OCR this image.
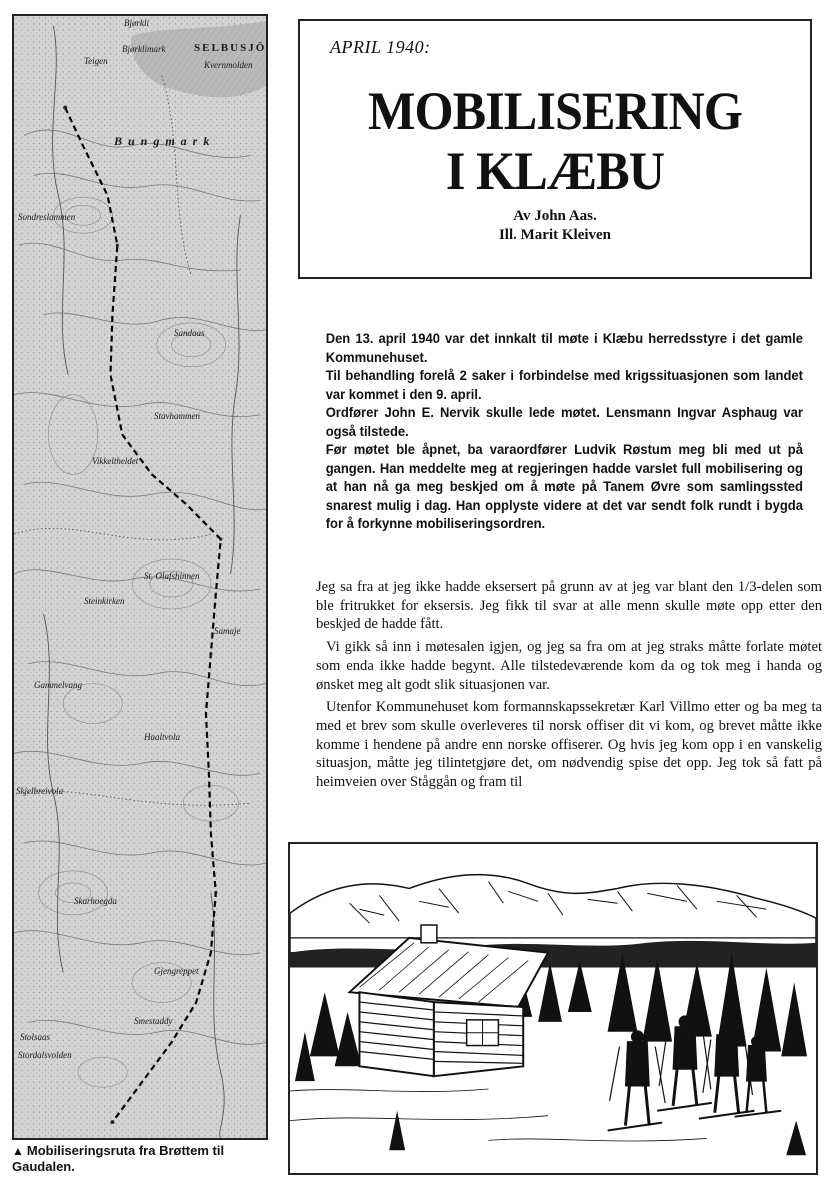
SELBUSJÖ
Bjørkli
Bjørklimark
Teigen	Kvernmolden
Bungmark
Sondreslammen
Sandaas
Stavhammen
Vikkeltheldet
St. Olafshinnen
Steinkirken
Samaje
Gammelvang
Haaltvola
Skjelbreivola
Skarhoegda
Gjengreppet
Smestaddy
Stolsaas
Stordalsvolden
▲ Mobiliseringsruta fra Brøttem til Gaudalen.
APRIL 1940:
MOBILISERING
I KLÆBU
Av John Aas.
Ill. Marit Kleiven

Den 13. april 1940 var det innkalt til møte i Klæbu herredsstyre i det gamle Kommunehuset.

Til behandling forelå 2 saker i forbindelse med krigssituasjonen som landet var kommet i den 9. april.

Ordfører John E. Nervik skulle lede møtet. Lensmann Ingvar Asphaug var også tilstede.

Før møtet ble åpnet, ba varaordfører Ludvik Røstum meg bli med ut på gangen. Han meddelte meg at regjeringen hadde varslet full mobilisering og at han nå ga meg beskjed om å møte på Tanem Øvre som samlingssted snarest mulig i dag. Han opplyste videre at det var sendt folk rundt i bygda for å forkynne mobiliseringsordren.

Jeg sa fra at jeg ikke hadde eksersert på grunn av at jeg var blant den 1/3-delen som ble fritrukket for eksersis. Jeg fikk til svar at alle menn skulle møte opp etter den beskjed de hadde fått.

Vi gikk så inn i møtesalen igjen, og jeg sa fra om at jeg straks måtte forlate møtet som enda ikke hadde begynt. Alle tilstedeværende kom da og tok meg i handa og ønsket meg alt godt slik situasjonen var.

Utenfor Kommunehuset kom formannskapssekretær Karl Villmo etter og ba meg ta med et brev som skulle overleveres til norsk offiser dit vi kom, og brevet måtte ikke komme i hendene på andre enn norske offiserer. Og hvis jeg kom opp i en vanskelig situasjon, måtte jeg tilintetgjøre det, om nødvendig spise det opp. Jeg tok så fatt på heimveien over Ståggån og fram til
